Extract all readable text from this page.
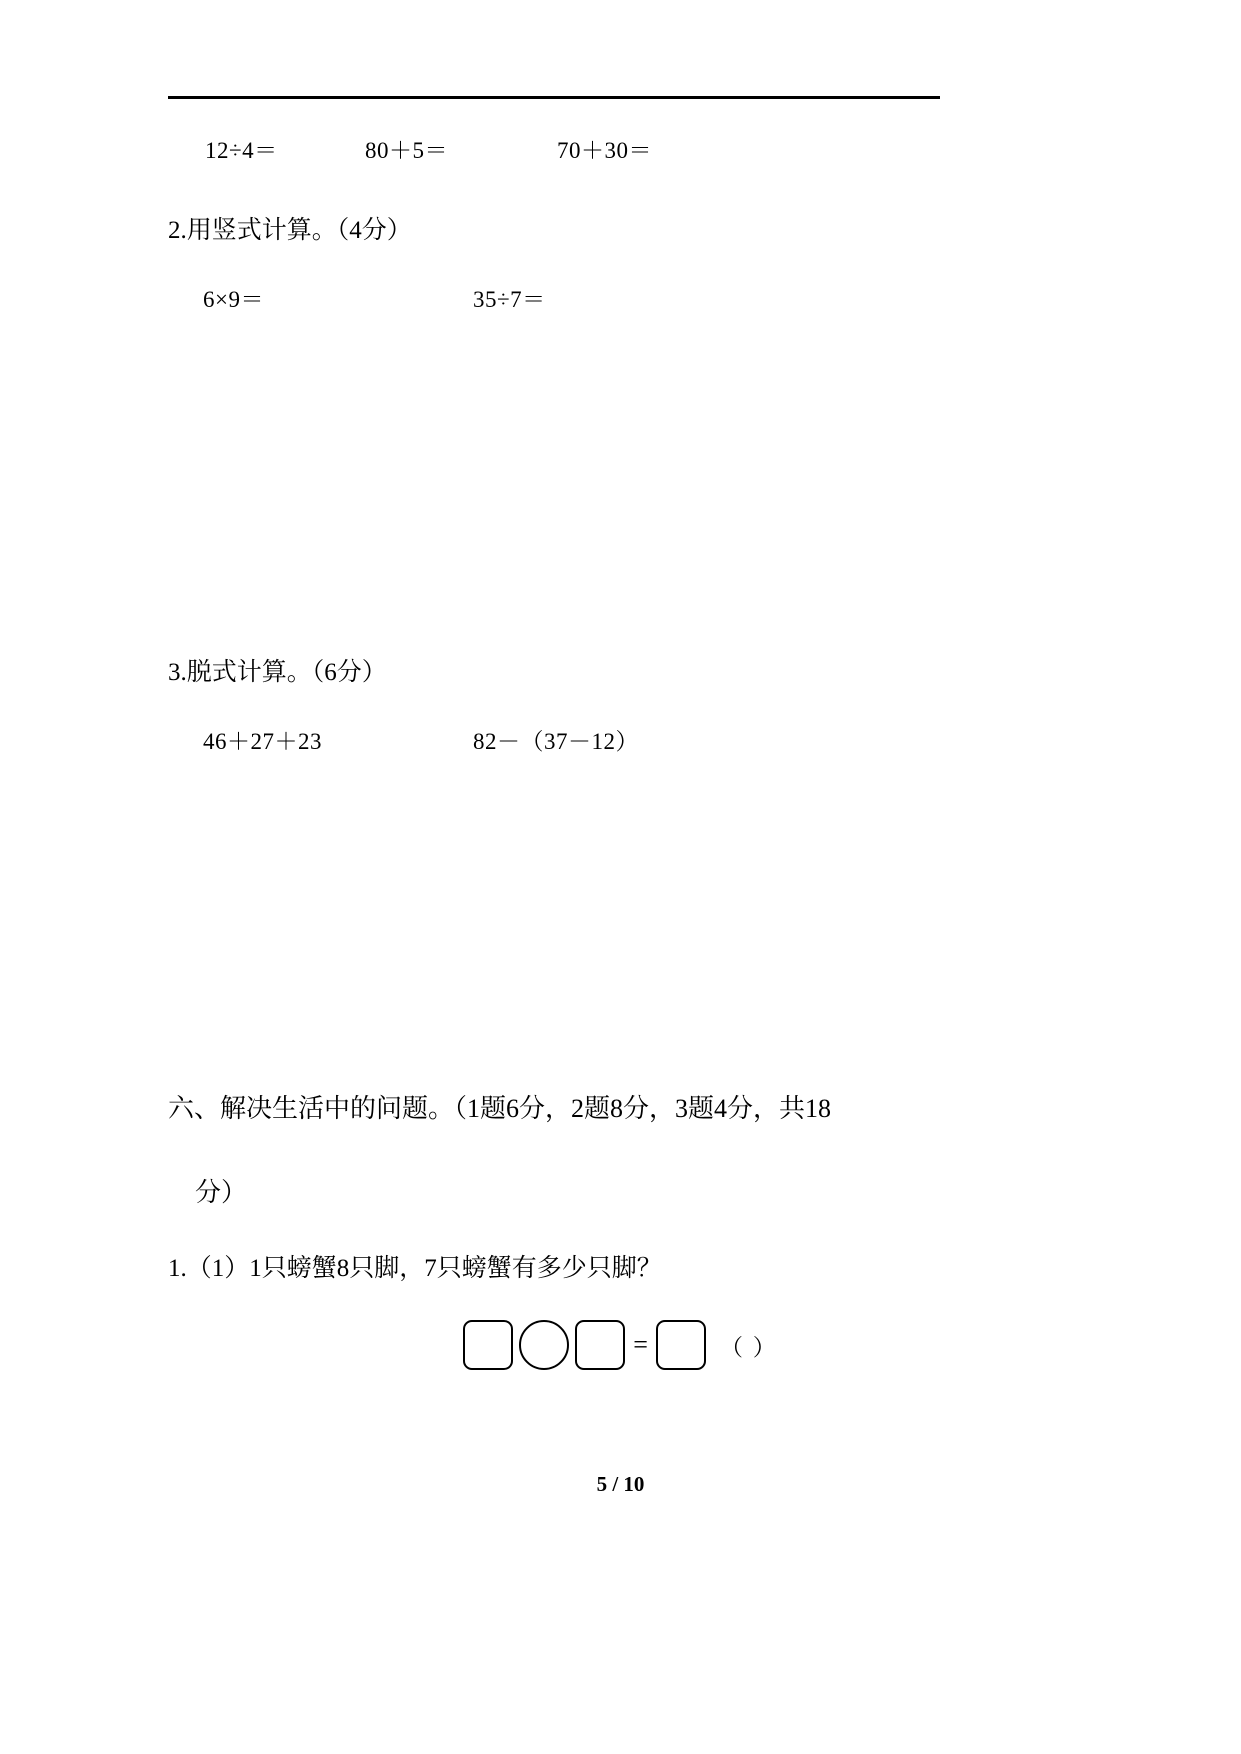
12÷4＝	80＋5＝	70＋30＝
2.用竖式计算。（4分）
6×9＝	35÷7＝
3.脱式计算。（6分）
46＋27＋23	82－（37－12）
六、解决生活中的问题。（1题6分，2题8分，3题4分，共18
分）
1.（1）1只螃蟹8只脚，7只螃蟹有多少只脚？
=	（ ）
5 / 10
